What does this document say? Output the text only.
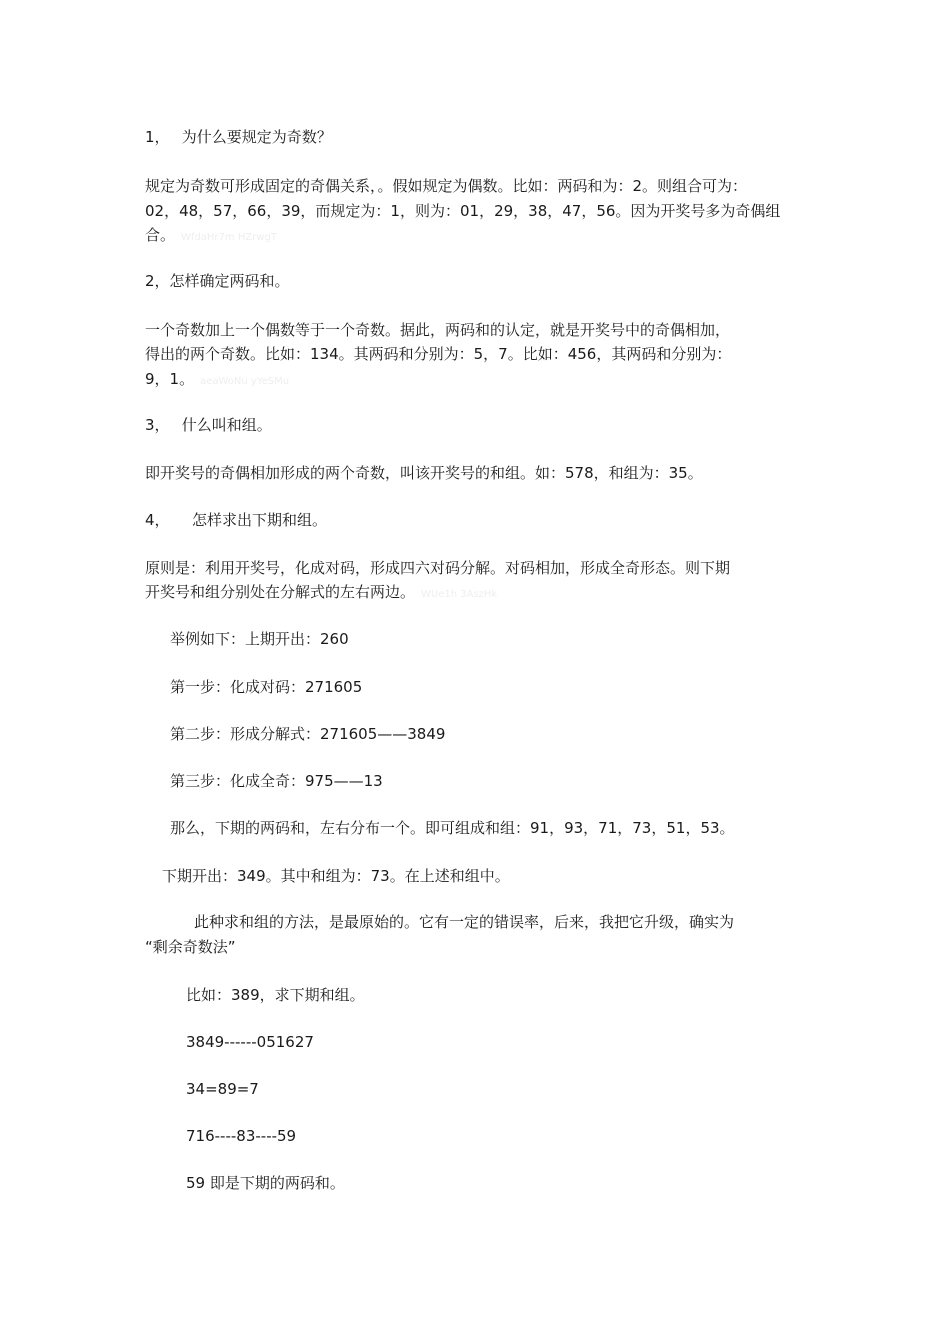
1，　 为什么要规定为奇数？
规定为奇数可形成固定的奇偶关系，。假如规定为偶数。比如：两码和为：2。则组合可为：
02，48，57，66，39，而规定为：1，则为：01，29，38，47，56。因为开奖号多为奇偶组
合。 WfdaHr7m HZrwgT
2，怎样确定两码和。
一个奇数加上一个偶数等于一个奇数。据此，两码和的认定，就是开奖号中的奇偶相加，
得出的两个奇数。比如：134。其两码和分别为：5，7。比如：456，其两码和分别为：
9，1。 aeaWoNu yYeSMu
3，　 什么叫和组。
即开奖号的奇偶相加形成的两个奇数，叫该开奖号的和组。如：578，和组为：35。
4，　　怎样求出下期和组。
原则是：利用开奖号，化成对码，形成四六对码分解。对码相加，形成全奇形态。则下期
开奖号和组分别处在分解式的左右两边。 WUe1h 3AszHk
举例如下：上期开出：260
第一步：化成对码：271605
第二步：形成分解式：271605——3849
第三步：化成全奇：975——13
那么，下期的两码和，左右分布一个。即可组成和组：91，93，71，73，51，53。
下期开出：349。其中和组为：73。在上述和组中。
此种求和组的方法，是最原始的。它有一定的错误率，后来，我把它升级，确实为
“剩余奇数法”
比如：389，求下期和组。
3849------051627
34=89=7
716----83----59
59 即是下期的两码和。
